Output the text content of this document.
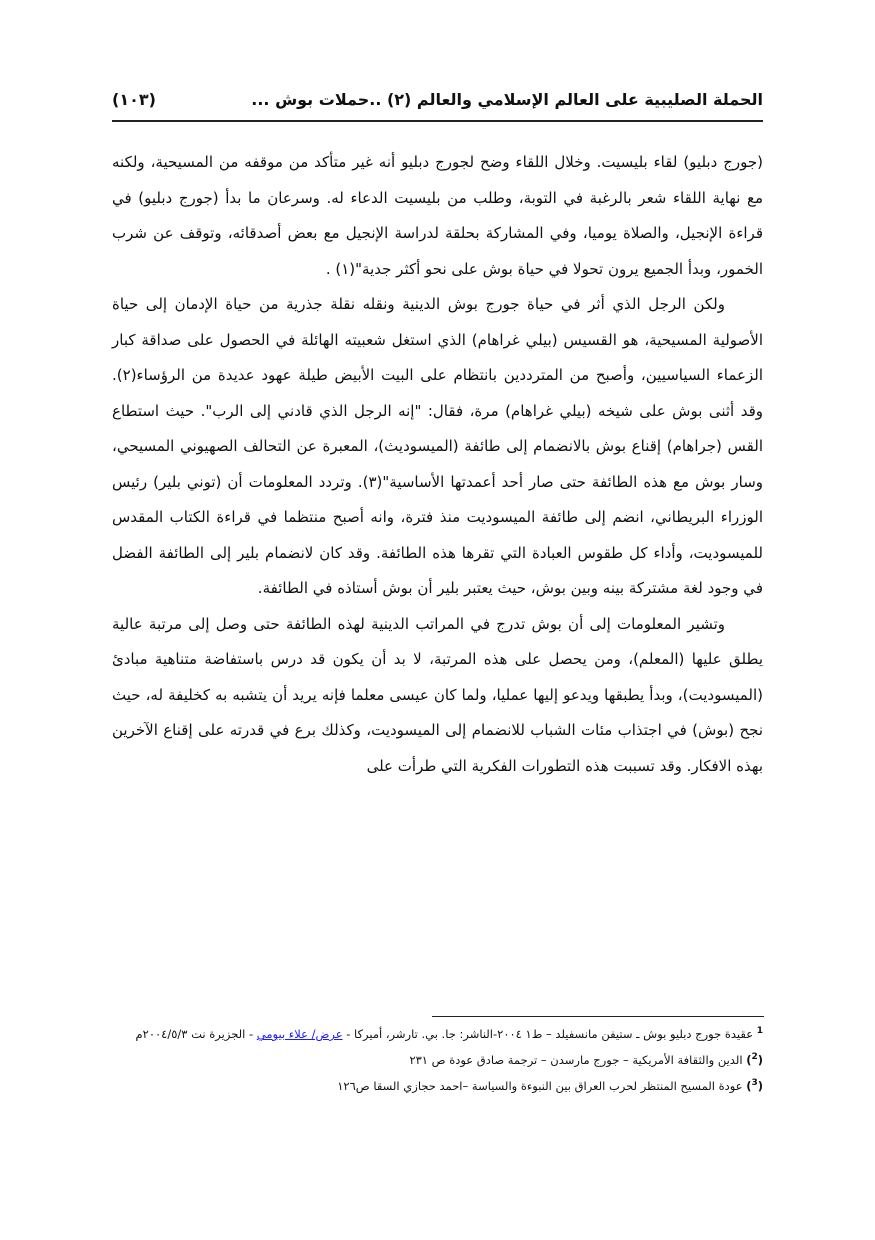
الحملة الصليبية على العالم الإسلامي والعالم (٢) ..حملات بوش ...
(١٠٣)

(جورج دبليو) لقاء بليسيت. وخلال اللقاء وضح لجورج دبليو أنه غير متأكد من موقفه من المسيحية، ولكنه مع نهاية اللقاء شعر بالرغبة في التوبة، وطلب من بليسيت الدعاء له. وسرعان ما بدأ (جورج دبليو) في قراءة الإنجيل، والصلاة يوميا، وفي المشاركة بحلقة لدراسة الإنجيل مع بعض أصدقائه، وتوقف عن شرب الخمور، وبدأ الجميع يرون تحولا في حياة بوش على نحو أكثر جدية"(١) .

ولكن الرجل الذي أثر في حياة جورج بوش الدينية ونقله نقلة جذرية من حياة الإدمان إلى حياة الأصولية المسيحية، هو القسيس (بيلي غراهام) الذي استغل شعبيته الهائلة في الحصول على صداقة كبار الزعماء السياسيين، وأصبح من المترددين بانتظام على البيت الأبيض طيلة عهود عديدة من الرؤساء(٢). وقد أثنى بوش على شيخه (بيلي غراهام) مرة، فقال: "إنه الرجل الذي قادني إلى الرب". حيث استطاع القس (جراهام) إقناع بوش بالانضمام إلى طائفة (الميسوديث)، المعبرة عن التحالف الصهيوني المسيحي، وسار بوش مع هذه الطائفة حتى صار أحد أعمدتها الأساسية"(٣). وتردد المعلومات أن (توني بلير) رئيس الوزراء البريطاني، انضم إلى طائفة الميسوديت منذ فترة، وانه أصبح منتظما في قراءة الكتاب المقدس للميسوديت، وأداء كل طقوس العبادة التي تقرها هذه الطائفة. وقد كان لانضمام بلير إلى الطائفة الفضل في وجود لغة مشتركة بينه وبين بوش، حيث يعتبر بلير أن بوش أستاذه في الطائفة.

وتشير المعلومات إلى أن بوش تدرج في المراتب الدينية لهذه الطائفة حتى وصل إلى مرتبة عالية يطلق عليها (المعلم)، ومن يحصل على هذه المرتبة، لا بد أن يكون قد درس باستفاضة متناهية مبادئ (الميسوديت)، وبدأ يطبقها ويدعو إليها عمليا، ولما كان عيسى معلما فإنه يريد أن يتشبه به كخليفة له، حيث نجح (بوش) في اجتذاب مئات الشباب للانضمام إلى الميسوديت، وكذلك برع في قدرته على إقناع الآخرين بهذه الافكار. وقد تسببت هذه التطورات الفكرية التي طرأت على

$^1$ عقيدة جورج دبليو بوش ـ ستيفن مانسفيلد – ط١ ٢٠٠٤-الناشر: جا. بي. تارشر، أميركا - عرض/ علاء بيومي - الجزيرة نت ٢٠٠٤/٥/٣م

($^2$) الدين والثقافة الأمريكية – جورج مارسدن – ترجمة صادق عودة ص ٢٣١

($^3$) عودة المسيح المنتظر لحرب العراق بين النبوءة والسياسة –احمد حجازي السقا ص١٢٦
